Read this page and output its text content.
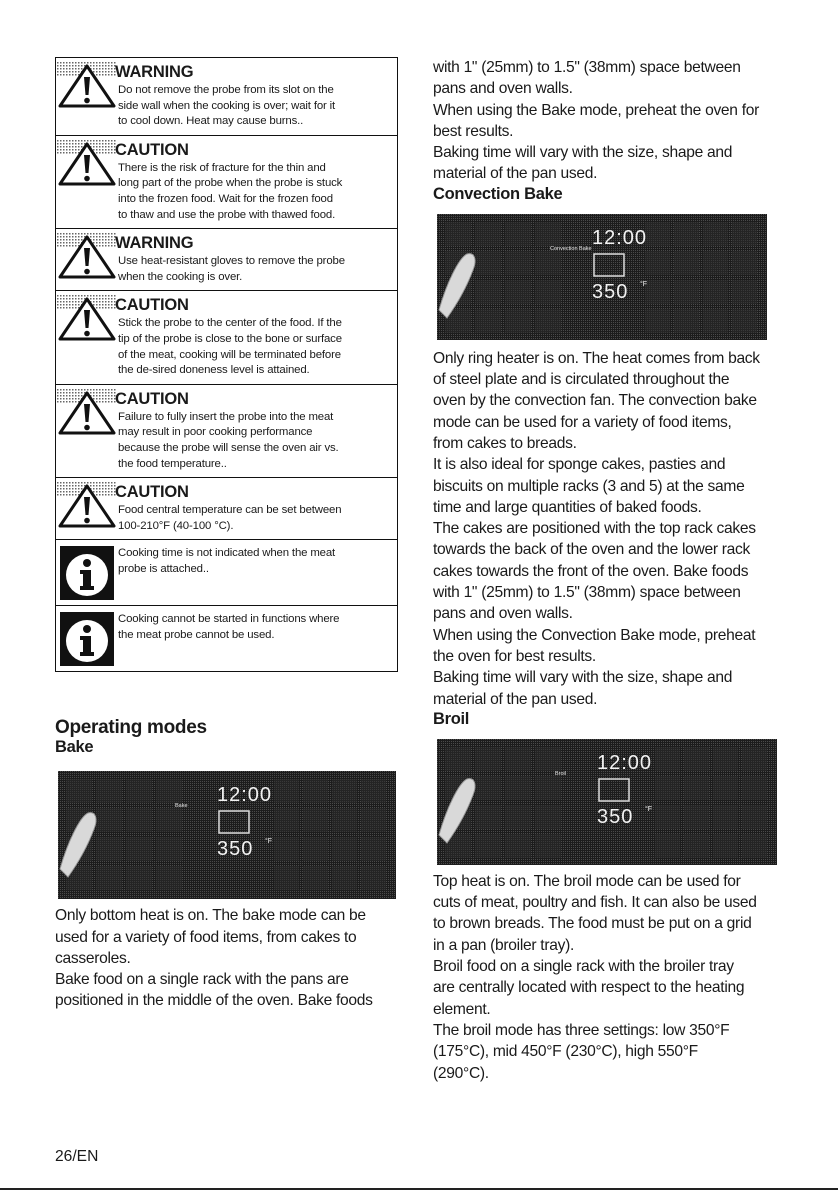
WARNING
Do not remove the probe from its slot on the
side wall when the cooking is over; wait for it
to cool down. Heat may cause burns..
CAUTION
There is the risk of fracture for the thin and
long part of the probe when the probe is stuck
into the frozen food. Wait for the frozen food
to thaw and use the probe with thawed food.
WARNING
Use heat-resistant gloves to remove the probe
when the cooking is over.
CAUTION
Stick the probe to the center of the food. If the
tip of the probe is close to the bone or surface
of the meat, cooking will be terminated before
the de-sired doneness level is attained.
CAUTION
Failure to fully insert the probe into the meat
may result in poor cooking performance
because the probe will sense the oven air vs.
the food temperature..
CAUTION
Food central temperature can be set between
100-210°F (40-100 °C).
Cooking time is not indicated when the meat
probe is attached..
Cooking cannot be started in functions where
the meat probe cannot be used.
Operating modes
Bake
Bake 12:00
350 °F

Only bottom heat is on. The bake mode can be

used for a variety of food items, from cakes to

casseroles.

Bake food on a single rack with the pans are

positioned in the middle of the oven. Bake foods

with 1" (25mm) to 1.5" (38mm) space between

pans and oven walls.

When using the Bake mode, preheat the oven for

best results.

Baking time will vary with the size, shape and

material of the pan used.

Convection Bake
Convection Bake 12:00
350 °F

Only ring heater is on. The heat comes from back

of steel plate and is circulated throughout the

oven by the convection fan. The convection bake

mode can be used for a variety of food items,

from cakes to breads.

It is also ideal for sponge cakes, pasties and

biscuits on multiple racks (3 and 5) at the same

time and large quantities of baked foods.

The cakes are positioned with the top rack cakes

towards the back of the oven and the lower rack

cakes towards the front of the oven. Bake foods

with 1" (25mm) to 1.5" (38mm) space between

pans and oven walls.

When using the Convection Bake mode, preheat

the oven for best results.

Baking time will vary with the size, shape and

material of the pan used.

Broil
Broil 12:00
350 °F

Top heat is on. The broil mode can be used for

cuts of meat, poultry and fish. It can also be used

to brown breads. The food must be put on a grid

in a pan (broiler tray).

Broil food on a single rack with the broiler tray

are centrally located with respect to the heating

element.

The broil mode has three settings: low 350°F

(175°C), mid 450°F (230°C), high 550°F

(290°C).

26/EN
